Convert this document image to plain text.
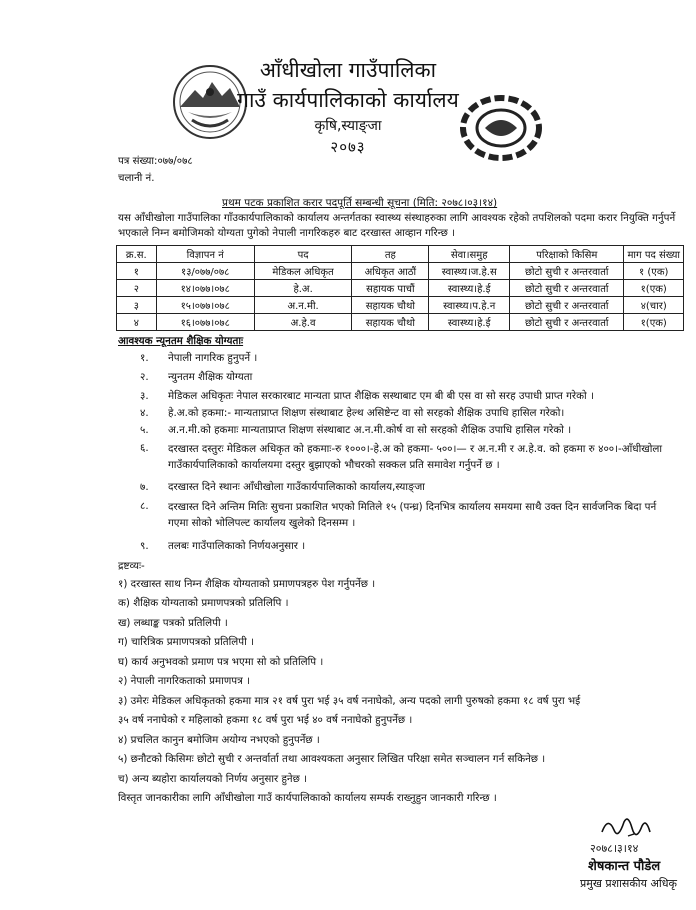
आँधीखोला गाउँपालिका
गाउँ कार्यपालिकाको कार्यालय
कृषि,स्याङ्जा
२०७३
पत्र संख्या:०७७/०७८
चलानी नं.
प्रथम पटक प्रकाशित करार पदपूर्ति सम्बन्धी सूचना (मिति: २०७८।०३।१४)
यस आँधीखोला गाउँपालिका गाँउकार्यपालिकाको कार्यालय अन्तर्गतका स्वास्थ्य संस्थाहरुका लागि आवश्यक रहेको तपशिलको पदमा करार नियुक्ति गर्नुपर्ने भएकाले निम्न बमोजिमको योग्यता पुगेको नेपाली नागरिकहरु बाट दरखास्त आव्हान गरिन्छ ।
क्र.स.	विज्ञापन नं	पद	तह	सेवा।समुह	परिक्षाको किसिम	माग पद संख्या
१	१३/०७७/०७८	मेडिकल अधिकृत	अधिकृत आठौं	स्वास्थ्य।ज.हे.स	छोटो सुची र अन्तरवार्ता	१ (एक)
२	१४।०७७।०७८	हे.अ.	सहायक पाचौं	स्वास्थ्य।हे.ई	छोटो सुची र अन्तरवार्ता	१(एक)
३	१५।०७७।०७८	अ.न.मी.	सहायक चौथो	स्वास्थ्य।प.हे.न	छोटो सुची र अन्तरवार्ता	४(चार)
४	१६।०७७।०७८	अ.हे.व	सहायक चौथो	स्वास्थ्य।हे.ई	छोटो सुची र अन्तरवार्ता	१(एक)
आवश्यक न्यूनतम शैक्षिक योग्यताः
१. नेपाली नागरिक हुनुपर्ने ।
२. न्युनतम शैक्षिक योग्यता
३. मेडिकल अधिकृतः नेपाल सरकारबाट मान्यता प्राप्त शैक्षिक सस्थाबाट एम बी बी एस वा सो सरह उपाधी प्राप्त गरेको ।
४. हे.अ.को हकमा:- मान्यताप्राप्त शिक्षण संस्थाबाट हेल्थ असिष्टेन्ट वा सो सरहको शैक्षिक उपाधि हासिल गरेको।
५. अ.न.मी.को हकमाः मान्यताप्राप्त शिक्षण संस्थाबाट अ.न.मी.कोर्ष वा सो सरहको शैक्षिक उपाधि हासिल गरेको ।
६. दरखास्त दस्तुरः मेडिकल अधिकृत को हकमाः-रु १०००।-हे.अ को हकमा- ५००।— र अ.न.मी र अ.हे.व. को हकमा रु ४००।-आँधीखोला गाउँकार्यपालिकाको कार्यालयमा दस्तुर बुझाएको भौचरको सक्कल प्रति समावेश गर्नुपर्ने छ ।
७. दरखास्त दिने स्थानः आँधीखोला गाउँकार्यपालिकाको कार्यालय,स्याङ्जा
८. दरखास्त दिने अन्तिम मितिः सुचना प्रकाशित भएको मितिले १५ (पन्ध्र) दिनभित्र कार्यालय समयमा साथै उक्त दिन सार्वजनिक बिदा पर्न गएमा सोको भोलिपल्ट कार्यालय खुलेको दिनसम्म ।
९. तलबः गाउँपालिकाको निर्णयअनुसार ।
द्रष्टव्यः-
१) दरखास्त साथ निम्न शैक्षिक योग्यताको प्रमाणपत्रहरु पेश गर्नुपर्नेछ ।
क) शैक्षिक योग्यताको प्रमाणपत्रको प्रतिलिपि ।
ख) लब्धाङ्क पत्रको प्रतिलिपी ।
ग) चारित्रिक प्रमाणपत्रको प्रतिलिपी ।
घ) कार्य अनुभवको प्रमाण पत्र भएमा सो को प्रतिलिपि ।
२) नेपाली नागरिकताको प्रमाणपत्र ।
३) उमेरः मेडिकल अधिकृतको हकमा मात्र २१ वर्ष पुरा भई ३५ वर्ष ननाघेको, अन्य पदको लागी पुरुषको हकमा १८ वर्ष पुरा भई
३५ वर्ष ननाघेको र महिलाको हकमा १८ वर्ष पुरा भई ४० वर्ष ननाघेको हुनुपर्नेछ ।
४) प्रचलित कानुन बमोजिम अयोग्य नभएको हुनुपर्नेछ ।
५) छनौटको किसिमः छोटो सुची र अन्तर्वार्ता तथा आवश्यकता अनुसार लिखित परिक्षा समेत सञ्चालन गर्न सकिनेछ ।
च) अन्य ब्यहोरा कार्यालयको निर्णय अनुसार हुनेछ ।
विस्तृत जानकारीका लागि आँधीखोला गाउँ कार्यपालिकाको कार्यालय सम्पर्क राख्नुहुन जानकारी गरिन्छ ।
२०७८।३।१४
शेषकान्त पौडेल
प्रमुख प्रशासकीय अधिकृ
